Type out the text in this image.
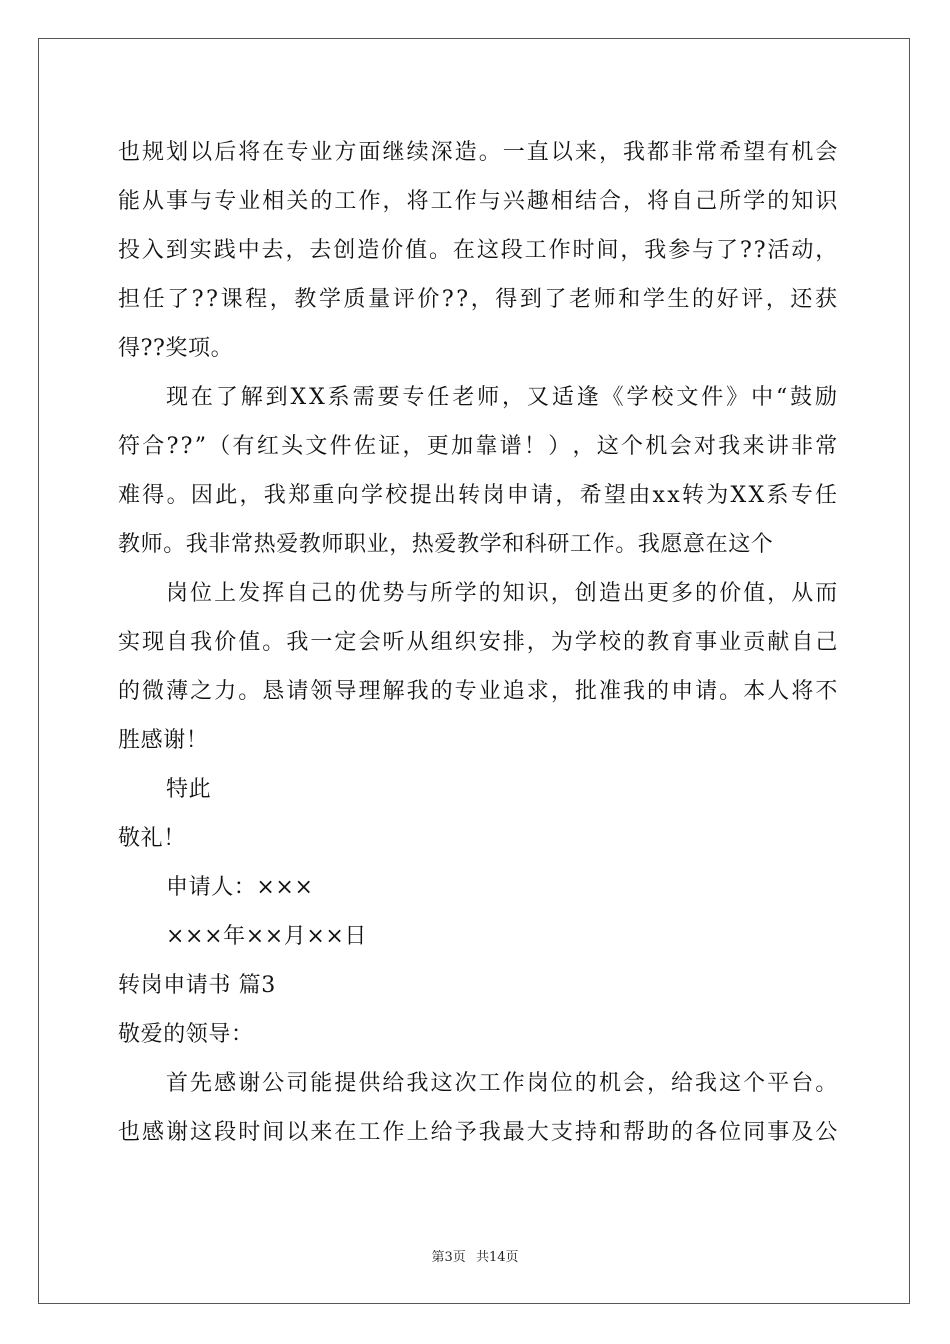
也 规 划 以 后 将 在 专 业 方 面 继 续 深 造 。 一 直 以 来 ， 我 都 非 常 希 望 有 机 会
能 从 事 与 专 业 相 关 的 工 作 ， 将 工 作 与 兴 趣 相 结 合 ， 将 自 己 所 学 的 知 识
投 入 到 实 践 中 去 ， 去 创 造 价 值 。 在 这 段 工 作 时 间 ， 我 参 与 了 ? ? 活 动 ，
担 任 了 ? ? 课 程 ， 教 学 质 量 评 价 ? ? ， 得 到 了 老 师 和 学 生 的 好 评 ， 还 获
得??奖项。
现 在 了 解 到 X X 系 需 要 专 任 老 师 ， 又 适 逢 《 学 校 文 件 》 中 “ 鼓 励
符 合 ? ? ” （ 有 红 头 文 件 佐 证 ， 更 加 靠 谱 ！ ） ， 这 个 机 会 对 我 来 讲 非 常
难 得 。 因 此 ， 我 郑 重 向 学 校 提 出 转 岗 申 请 ， 希 望 由 x x 转 为 X X 系 专 任
教师。我非常热爱教师职业，热爱教学和科研工作。我愿意在这个
岗 位 上 发 挥 自 己 的 优 势 与 所 学 的 知 识 ， 创 造 出 更 多 的 价 值 ， 从 而
实 现 自 我 价 值 。 我 一 定 会 听 从 组 织 安 排 ， 为 学 校 的 教 育 事 业 贡 献 自 己
的 微 薄 之 力 。 恳 请 领 导 理 解 我 的 专 业 追 求 ， 批 准 我 的 申 请 。 本 人 将 不
胜感谢！
特此
敬礼！
申请人：×××
×××年××月××日
转岗申请书 篇3
敬爱的领导：
首 先 感 谢 公 司 能 提 供 给 我 这 次 工 作 岗 位 的 机 会 ， 给 我 这 个 平 台 。
也 感 谢 这 段 时 间 以 来 在 工 作 上 给 予 我 最 大 支 持 和 帮 助 的 各 位 同 事 及 公
第3页 共14页
